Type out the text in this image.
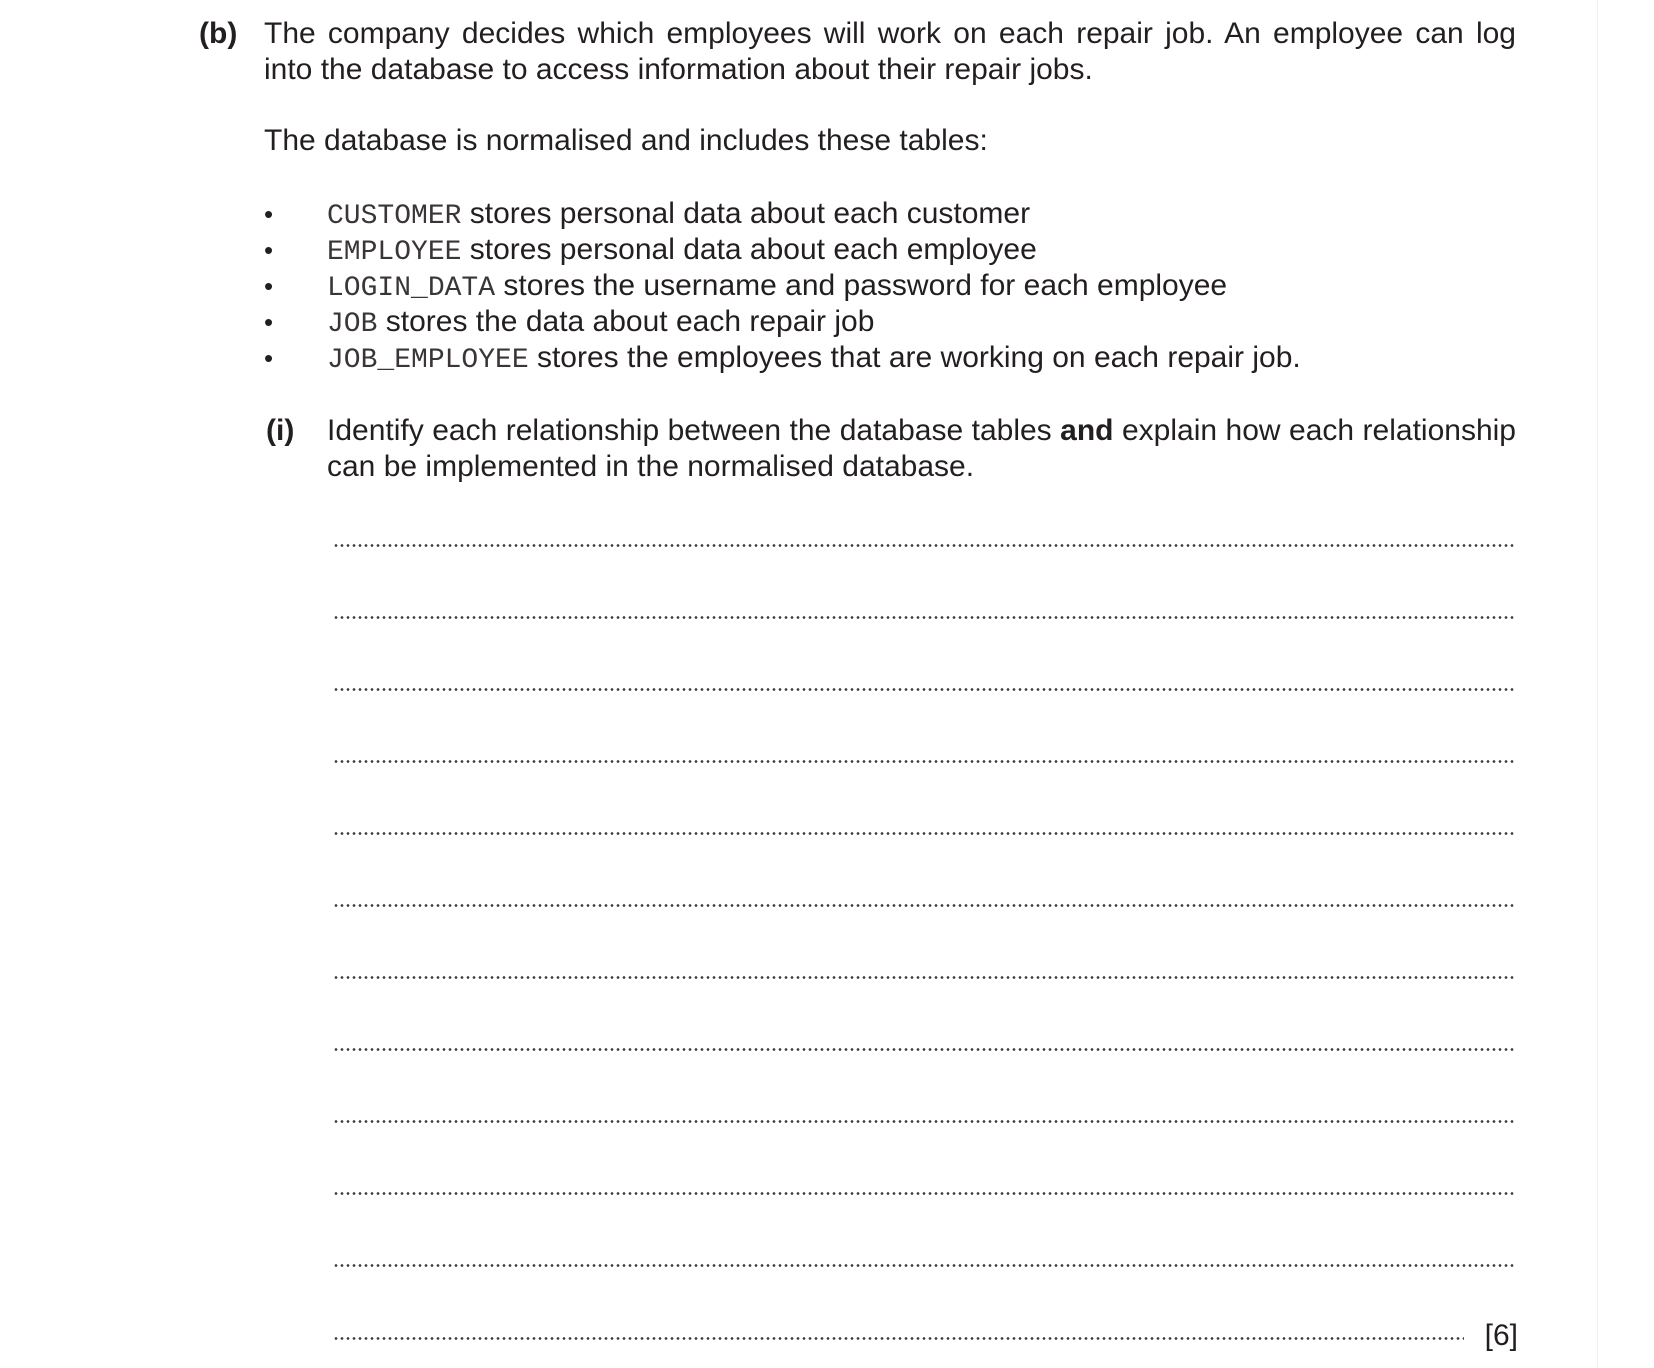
(b) The company decides which employees will work on each repair job. An employee can log
into the database to access information about their repair jobs.
The database is normalised and includes these tables:
• CUSTOMER stores personal data about each customer
• EMPLOYEE stores personal data about each employee
• LOGIN_DATA stores the username and password for each employee
• JOB stores the data about each repair job
• JOB_EMPLOYEE stores the employees that are working on each repair job.
(i) Identify each relationship between the database tables and explain how each relationship
can be implemented in the normalised database.
[6]
